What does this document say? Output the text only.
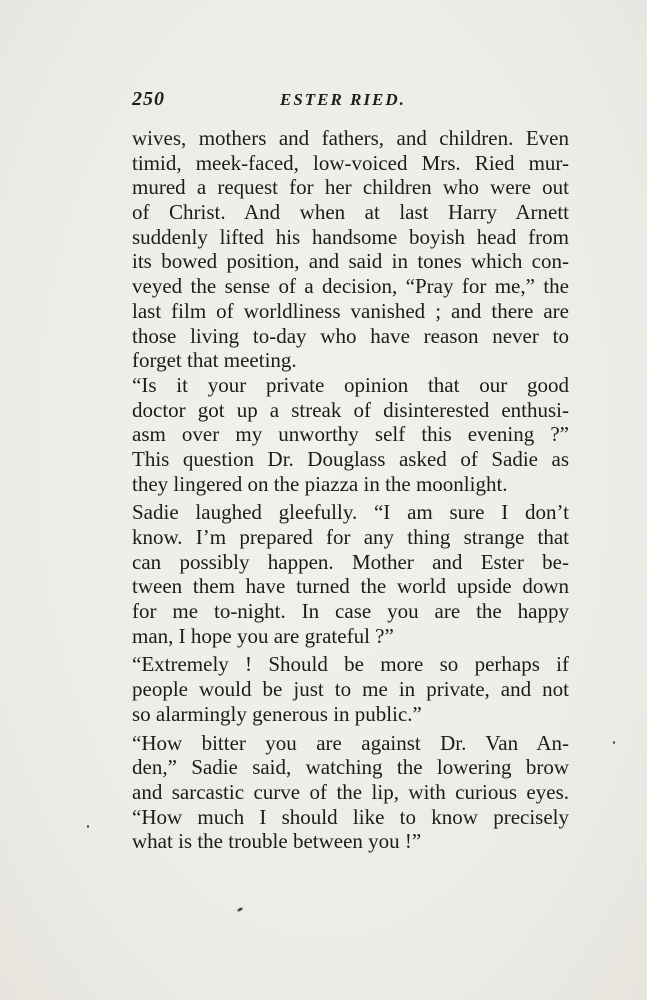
250	ESTER RIED.
wives, mothers and fathers, and children. Even
timid, meek-faced, low-voiced Mrs. Ried mur-
mured a request for her children who were out
of Christ. And when at last Harry Arnett
suddenly lifted his handsome boyish head from
its bowed position, and said in tones which con-
veyed the sense of a decision, “Pray for me,” the
last film of worldliness vanished ; and there are
those living to-day who have reason never to
forget that meeting.
“Is it your private opinion that our good
doctor got up a streak of disinterested enthusi-
asm over my unworthy self this evening ?”
This question Dr. Douglass asked of Sadie as
they lingered on the piazza in the moonlight.
Sadie laughed gleefully. “I am sure I don’t
know. I’m prepared for any thing strange that
can possibly happen. Mother and Ester be-
tween them have turned the world upside down
for me to-night. In case you are the happy
man, I hope you are grateful ?”
“Extremely ! Should be more so perhaps if
people would be just to me in private, and not
so alarmingly generous in public.”
“How bitter you are against Dr. Van An-
den,” Sadie said, watching the lowering brow
and sarcastic curve of the lip, with curious eyes.
“How much I should like to know precisely
what is the trouble between you !”
